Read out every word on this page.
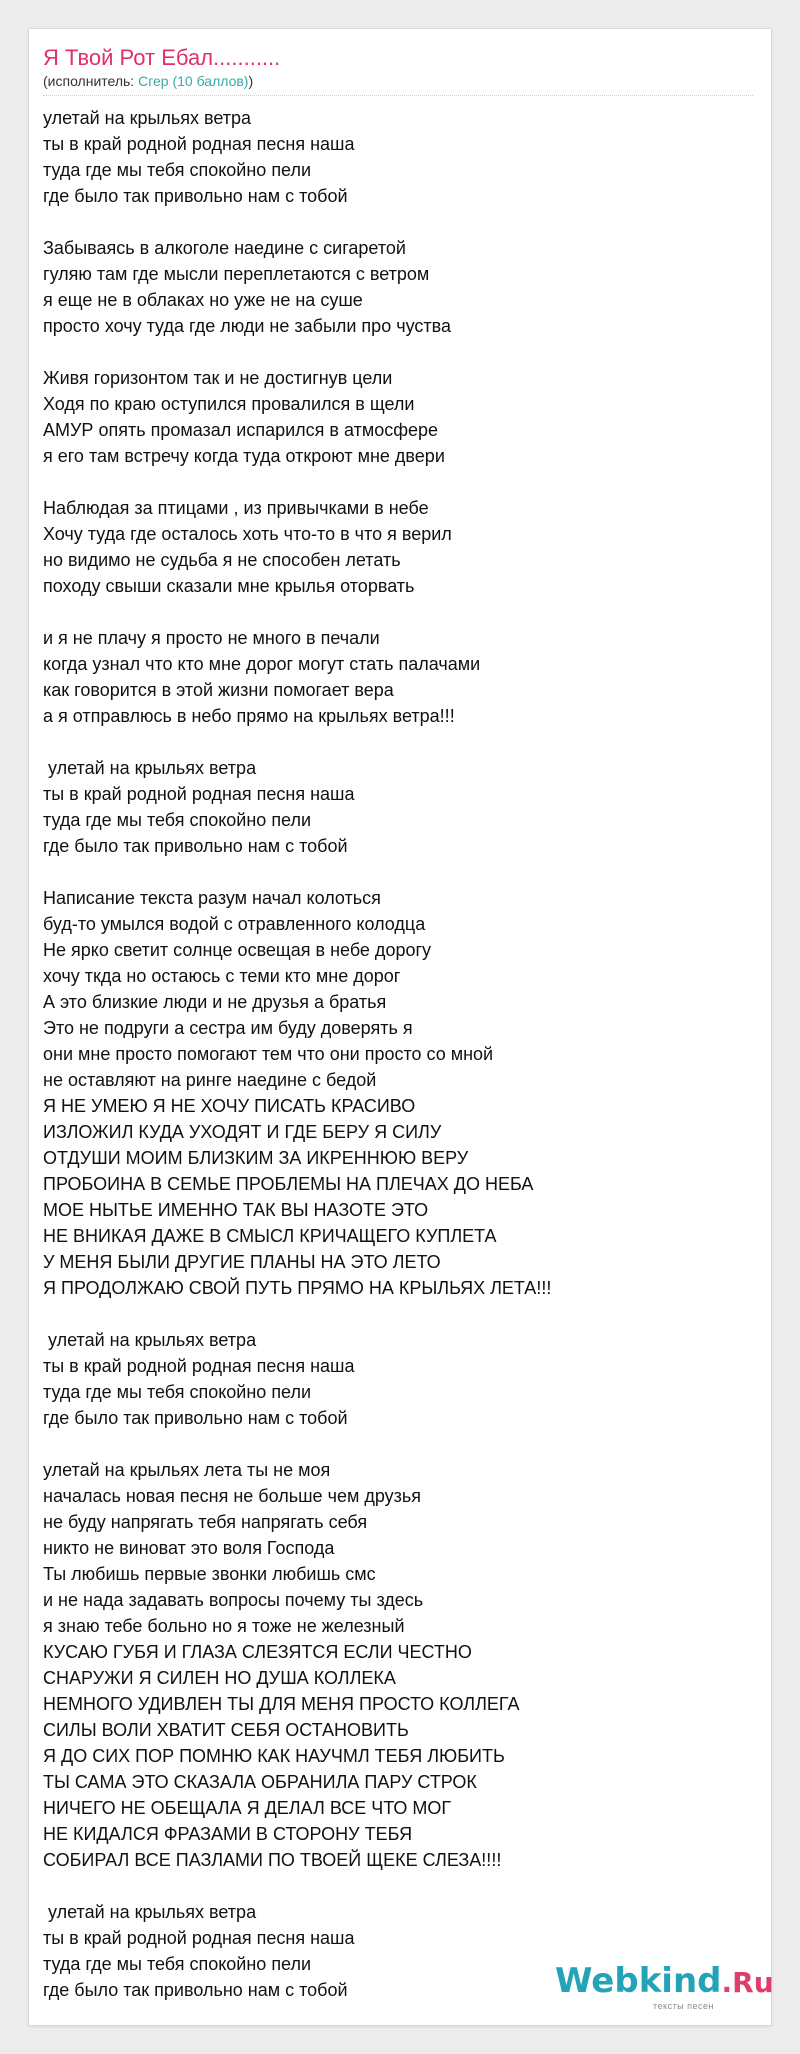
Я Твой Рот Ебал...........
(исполнитель: Сгер (10 баллов))
улетай на крыльях ветра
ты в край родной родная песня наша
туда где мы тебя спокойно пели
где было так привольно нам с тобой

Забываясь в алкоголе наедине с сигаретой
гуляю там где мысли переплетаются с ветром
я еще не в облаках но уже не на суше
просто хочу туда где люди не забыли про чуства

Живя горизонтом так и не достигнув цели
Ходя по краю оступился провалился в щели
АМУР опять промазал испарился в атмосфере
я его там встречу когда туда откроют мне двери

Наблюдая за птицами , из привычками в небе
Хочу туда где осталось хоть что-то в что я верил
но видимо не судьба я не способен летать
походу свыши сказали мне крылья оторвать

и я не плачу я просто не много в печали
когда узнал что кто мне дорог могут стать палачами
как говорится в этой жизни помогает вера
а я отправлюсь в небо прямо на крыльях ветра!!!

улетай на крыльях ветра
ты в край родной родная песня наша
туда где мы тебя спокойно пели
где было так привольно нам с тобой

Написание текста разум начал колоться
буд-то умылся водой с отравленного колодца
Не ярко светит солнце освещая в небе дорогу
хочу ткда но остаюсь с теми кто мне дорог
А это близкие люди и не друзья а братья
Это не подруги а сестра им буду доверять я
они мне просто помогают тем что они просто со мной
не оставляют на ринге наедине с бедой
Я НЕ УМЕЮ Я НЕ ХОЧУ ПИСАТЬ КРАСИВО
ИЗЛОЖИЛ КУДА УХОДЯТ И ГДЕ БЕРУ Я СИЛУ
ОТДУШИ МОИМ БЛИЗКИМ ЗА ИКРЕННЮЮ ВЕРУ
ПРОБОИНА В СЕМЬЕ ПРОБЛЕМЫ НА ПЛЕЧАХ ДО НЕБА
МОЕ НЫТЬЕ ИМЕННО ТАК ВЫ НАЗОТЕ ЭТО
НЕ ВНИКАЯ ДАЖЕ В СМЫСЛ КРИЧАЩЕГО КУПЛЕТА
У МЕНЯ БЫЛИ ДРУГИЕ ПЛАНЫ НА ЭТО ЛЕТО
Я ПРОДОЛЖАЮ СВОЙ ПУТЬ ПРЯМО НА КРЫЛЬЯХ ЛЕТА!!!

улетай на крыльях ветра
ты в край родной родная песня наша
туда где мы тебя спокойно пели
где было так привольно нам с тобой

улетай на крыльях лета ты не моя
началась новая песня не больше чем друзья
не буду напрягать тебя напрягать себя
никто не виноват это воля Господа
Ты любишь первые звонки любишь смс
и не нада задавать вопросы почему ты здесь
я знаю тебе больно но я тоже не железный
КУСАЮ ГУБЯ И ГЛАЗА СЛЕЗЯТСЯ ЕСЛИ ЧЕСТНО
СНАРУЖИ Я СИЛЕН НО ДУША КОЛЛЕКА
НЕМНОГО УДИВЛЕН ТЫ ДЛЯ МЕНЯ ПРОСТО КОЛЛЕГА
СИЛЫ ВОЛИ ХВАТИТ СЕБЯ ОСТАНОВИТЬ
Я ДО СИХ ПОР ПОМНЮ КАК НАУЧМЛ ТЕБЯ ЛЮБИТЬ
ТЫ САМА ЭТО СКАЗАЛА ОБРАНИЛА ПАРУ СТРОК
НИЧЕГО НЕ ОБЕЩАЛА Я ДЕЛАЛ ВСЕ ЧТО МОГ
НЕ КИДАЛСЯ ФРАЗАМИ В СТОРОНУ ТЕБЯ
СОБИРАЛ ВСЕ ПАЗЛАМИ ПО ТВОЕЙ ЩЕКЕ СЛЕЗА!!!!

улетай на крыльях ветра
ты в край родной родная песня наша
туда где мы тебя спокойно пели
где было так привольно нам с тобой	Webkind.Ru
тексты песен
